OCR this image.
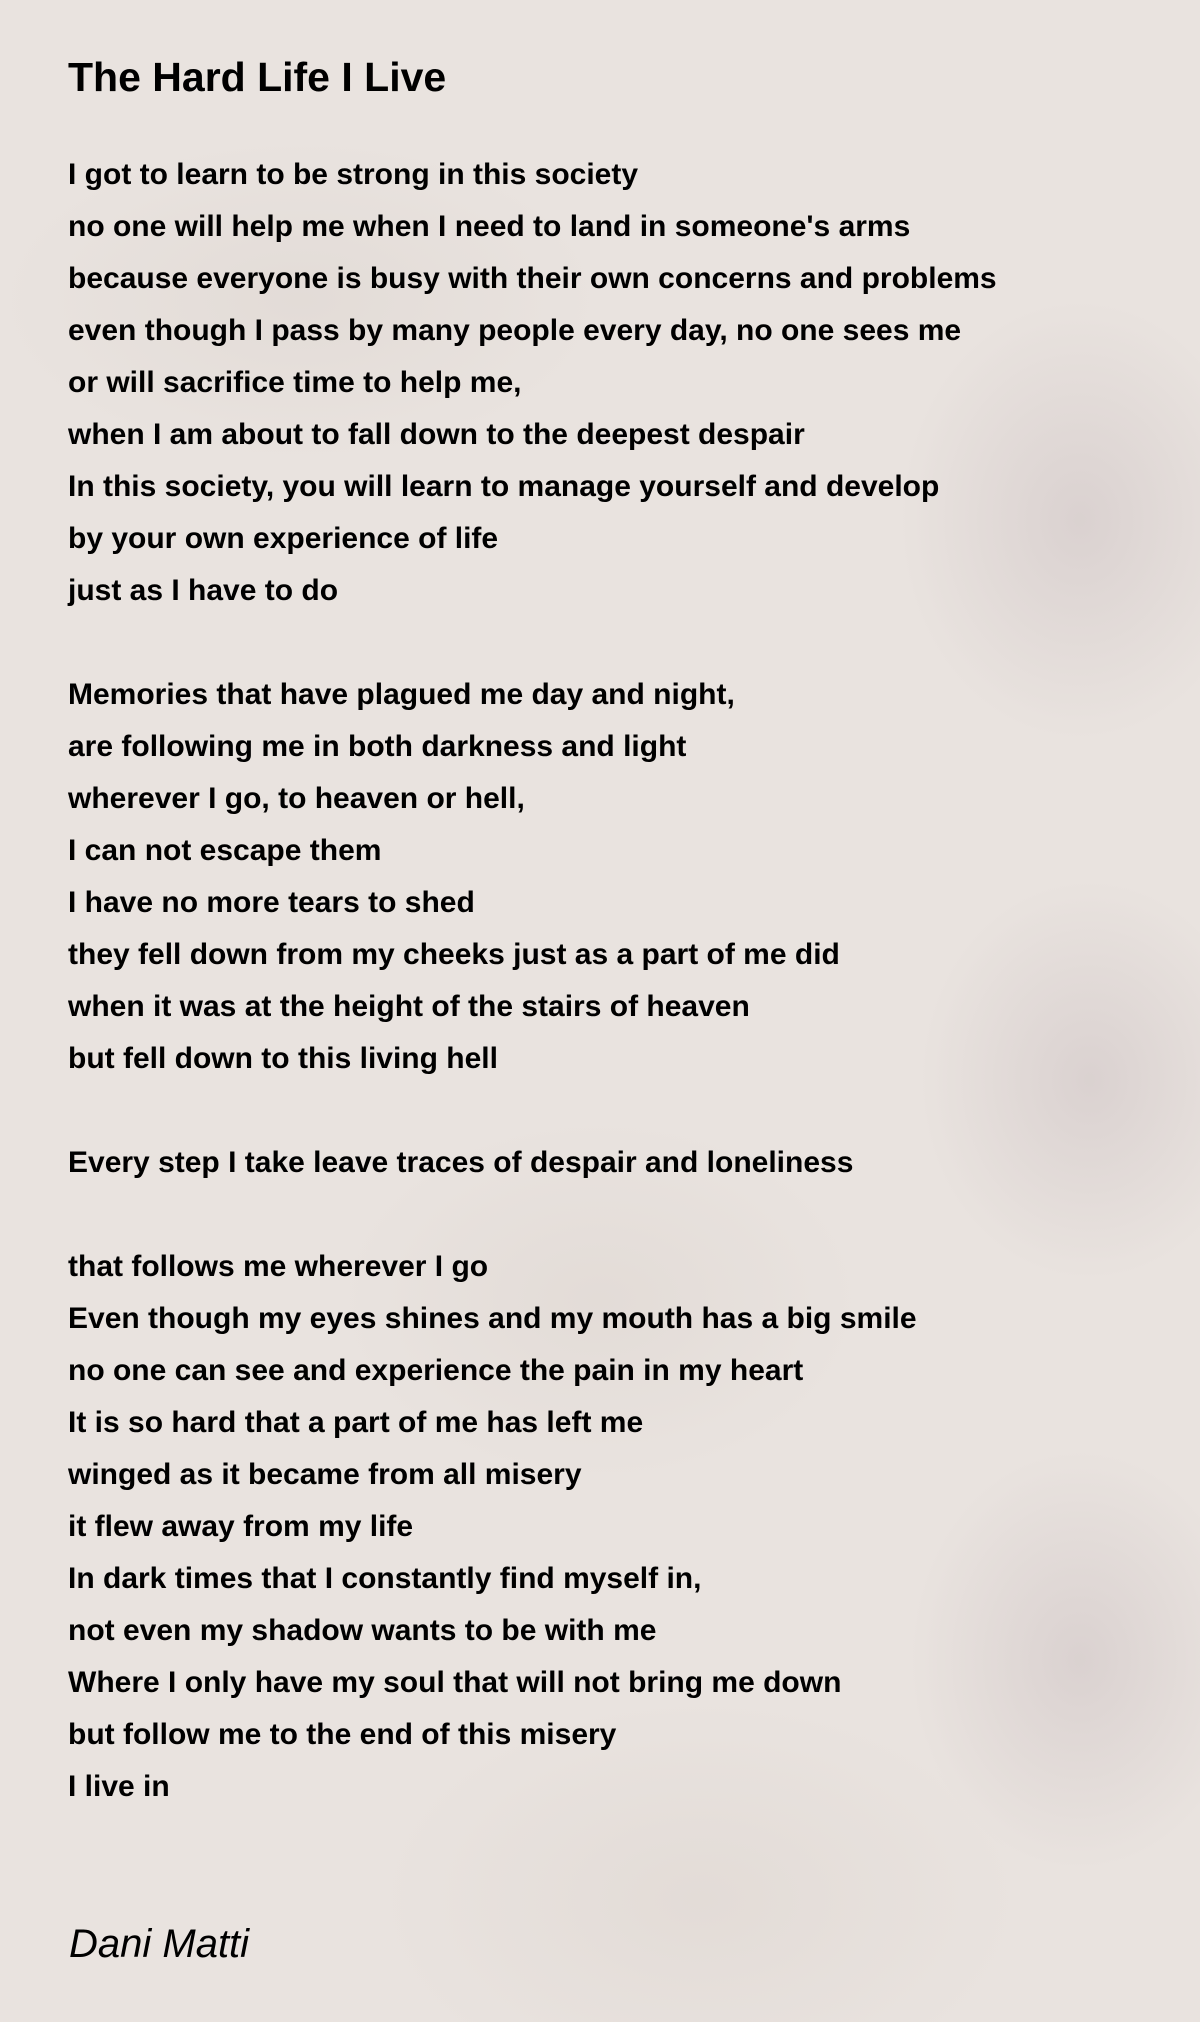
The Hard Life I Live
I got to learn to be strong in this society
no one will help me when I need to land in someone's arms
because everyone is busy with their own concerns and problems
even though I pass by many people every day, no one sees me
or will sacrifice time to help me,
when I am about to fall down to the deepest despair
In this society, you will learn to manage yourself and develop
by your own experience of life
just as I have to do
Memories that have plagued me day and night,
are following me in both darkness and light
wherever I go, to heaven or hell,
I can not escape them
I have no more tears to shed
they fell down from my cheeks just as a part of me did
when it was at the height of the stairs of heaven
but fell down to this living hell
Every step I take leave traces of despair and loneliness
that follows me wherever I go
Even though my eyes shines and my mouth has a big smile
no one can see and experience the pain in my heart
It is so hard that a part of me has left me
winged as it became from all misery
it flew away from my life
In dark times that I constantly find myself in,
not even my shadow wants to be with me
Where I only have my soul that will not bring me down
but follow me to the end of this misery
I live in
Dani Matti
